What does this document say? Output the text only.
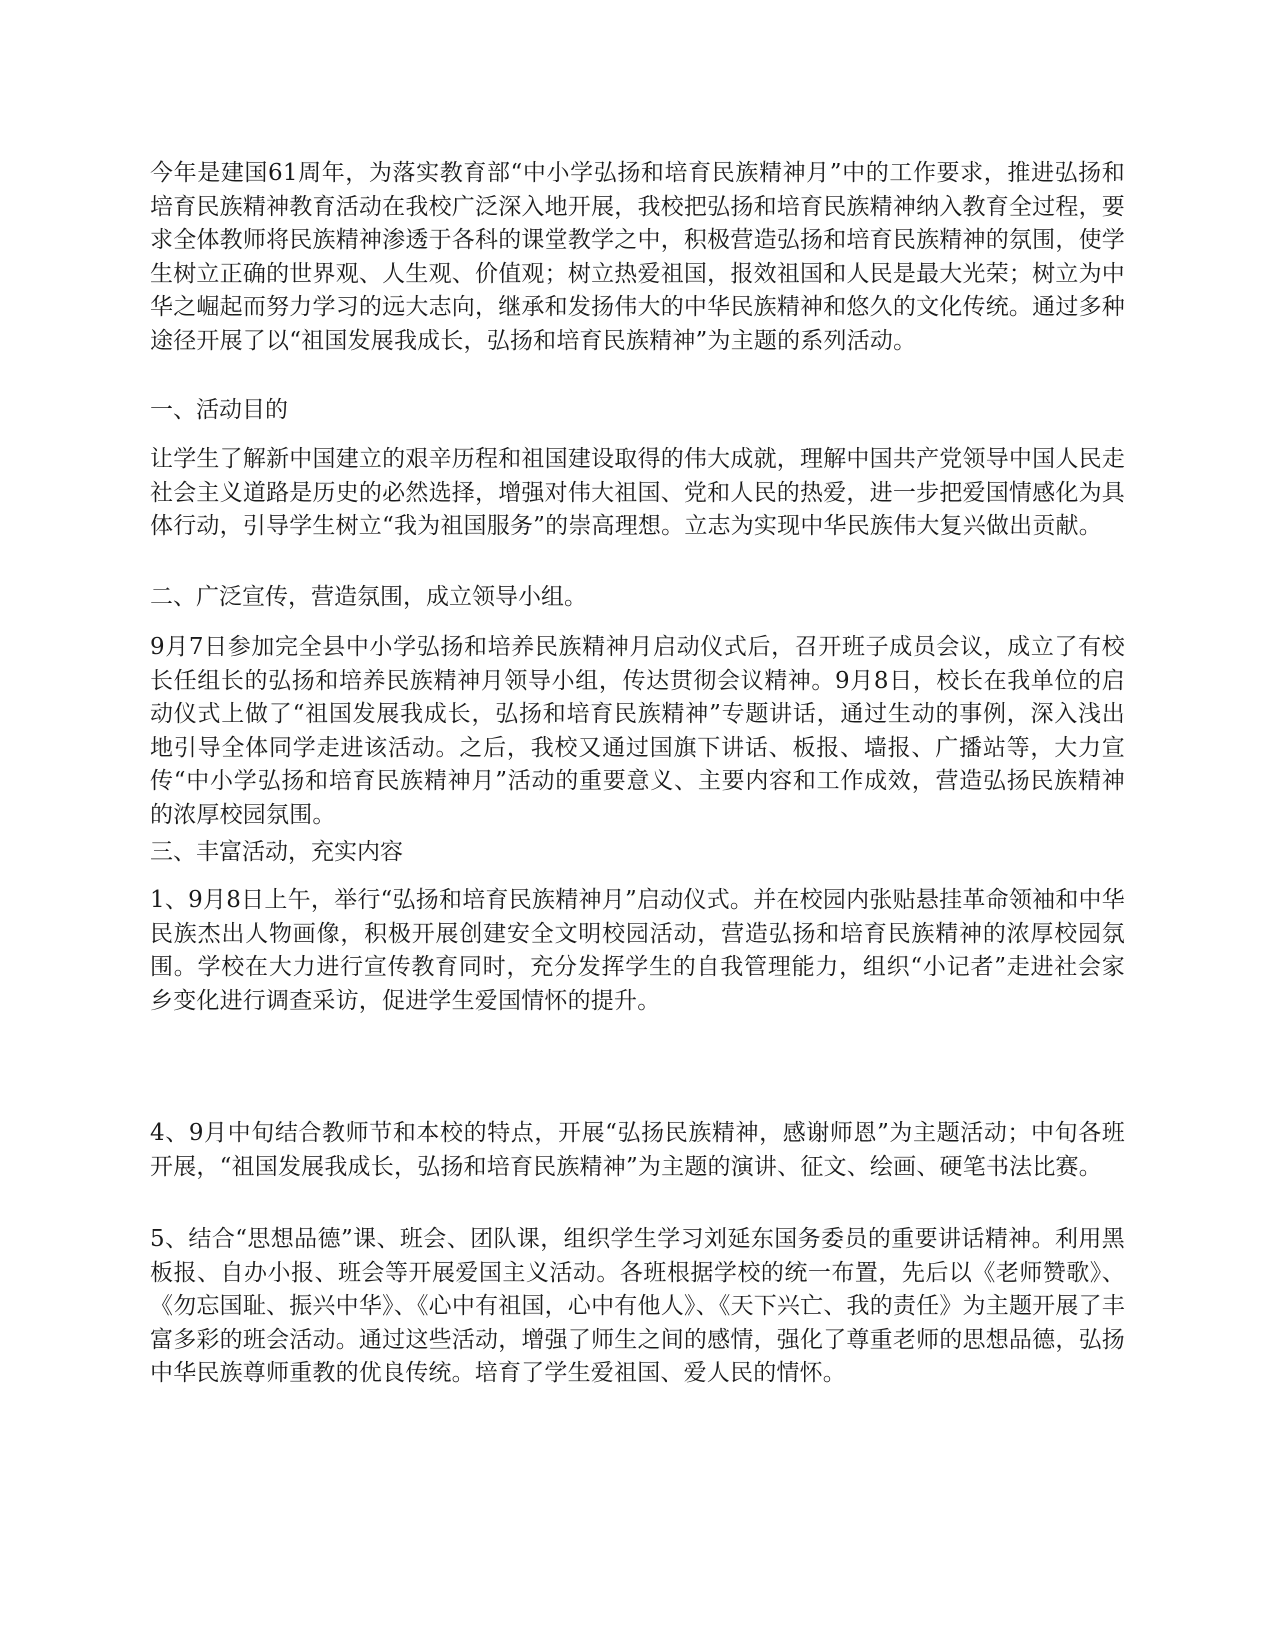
今年是建国61周年，为落实教育部“中小学弘扬和培育民族精神月”中的工作要求，推进弘扬和培育民族精神教育活动在我校广泛深入地开展，我校把弘扬和培育民族精神纳入教育全过程，要求全体教师将民族精神渗透于各科的课堂教学之中，积极营造弘扬和培育民族精神的氛围，使学生树立正确的世界观、人生观、价值观；树立热爱祖国，报效祖国和人民是最大光荣；树立为中华之崛起而努力学习的远大志向，继承和发扬伟大的中华民族精神和悠久的文化传统。通过多种途径开展了以“祖国发展我成长，弘扬和培育民族精神”为主题的系列活动。

一、活动目的

让学生了解新中国建立的艰辛历程和祖国建设取得的伟大成就，理解中国共产党领导中国人民走社会主义道路是历史的必然选择，增强对伟大祖国、党和人民的热爱，进一步把爱国情感化为具体行动，引导学生树立“我为祖国服务”的崇高理想。立志为实现中华民族伟大复兴做出贡献。

二、广泛宣传，营造氛围，成立领导小组。

9月7日参加完全县中小学弘扬和培养民族精神月启动仪式后，召开班子成员会议，成立了有校长任组长的弘扬和培养民族精神月领导小组，传达贯彻会议精神。9月8日，校长在我单位的启动仪式上做了“祖国发展我成长，弘扬和培育民族精神”专题讲话，通过生动的事例，深入浅出地引导全体同学走进该活动。之后，我校又通过国旗下讲话、板报、墙报、广播站等，大力宣传“中小学弘扬和培育民族精神月”活动的重要意义、主要内容和工作成效，营造弘扬民族精神的浓厚校园氛围。

三、丰富活动，充实内容

1、9月8日上午，举行“弘扬和培育民族精神月”启动仪式。并在校园内张贴悬挂革命领袖和中华民族杰出人物画像，积极开展创建安全文明校园活动，营造弘扬和培育民族精神的浓厚校园氛围。学校在大力进行宣传教育同时，充分发挥学生的自我管理能力，组织“小记者”走进社会家乡变化进行调查采访，促进学生爱国情怀的提升。

4、9月中旬结合教师节和本校的特点，开展“弘扬民族精神，感谢师恩”为主题活动；中旬各班开展，“祖国发展我成长，弘扬和培育民族精神”为主题的演讲、征文、绘画、硬笔书法比赛。

5、结合“思想品德”课、班会、团队课，组织学生学习刘延东国务委员的重要讲话精神。利用黑板报、自办小报、班会等开展爱国主义活动。各班根据学校的统一布置，先后以《老师赞歌》、《勿忘国耻、振兴中华》、《心中有祖国，心中有他人》、《天下兴亡、我的责任》为主题开展了丰富多彩的班会活动。通过这些活动，增强了师生之间的感情，强化了尊重老师的思想品德，弘扬中华民族尊师重教的优良传统。培育了学生爱祖国、爱人民的情怀。
